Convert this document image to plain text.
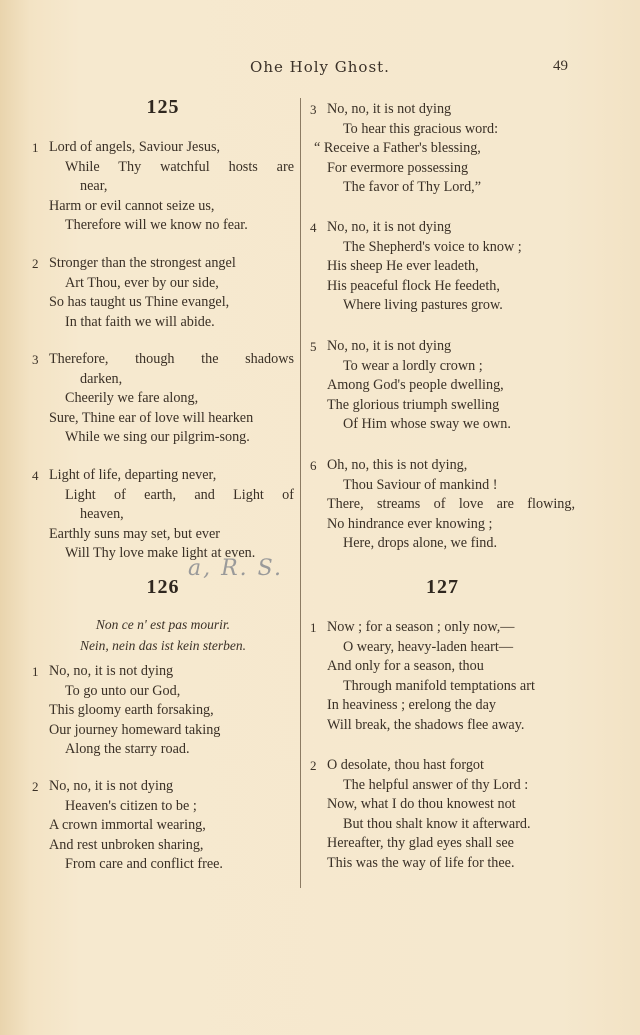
Ohe Holy Ghost.	49

125

1 Lord of angels, Saviour Jesus,
While Thy watchful hosts are
near,
Harm or evil cannot seize us,
Therefore will we know no fear.
2 Stronger than the strongest angel
Art Thou, ever by our side,
So has taught us Thine evangel,
In that faith we will abide.
3 Therefore, though the shadows
darken,
Cheerily we fare along,
Sure, Thine ear of love will hearken
While we sing our pilgrim-song.
4 Light of life, departing never,
Light of earth, and Light of
heaven,
Earthly suns may set, but ever
Will Thy love make light at even.

126

a, R. S.

Non ce n' est pas mourir.

Nein, nein das ist kein sterben.

1 No, no, it is not dying
To go unto our God,
This gloomy earth forsaking,
Our journey homeward taking
Along the starry road.
2 No, no, it is not dying
Heaven's citizen to be ;
A crown immortal wearing,
And rest unbroken sharing,
From care and conflict free.
3 No, no, it is not dying
To hear this gracious word:
“ Receive a Father's blessing,
For evermore possessing
The favor of Thy Lord,”
4 No, no, it is not dying
The Shepherd's voice to know ;
His sheep He ever leadeth,
His peaceful flock He feedeth,
Where living pastures grow.
5 No, no, it is not dying
To wear a lordly crown ;
Among God's people dwelling,
The glorious triumph swelling
Of Him whose sway we own.
6 Oh, no, this is not dying,
Thou Saviour of mankind !
There, streams of love are flowing,
No hindrance ever knowing ;
Here, drops alone, we find.

127

1 Now ; for a season ; only now,—
O weary, heavy-laden heart—
And only for a season, thou
Through manifold temptations art
In heaviness ; erelong the day
Will break, the shadows flee away.
2 O desolate, thou hast forgot
The helpful answer of thy Lord :
Now, what I do thou knowest not
But thou shalt know it afterward.
Hereafter, thy glad eyes shall see
This was the way of life for thee.
